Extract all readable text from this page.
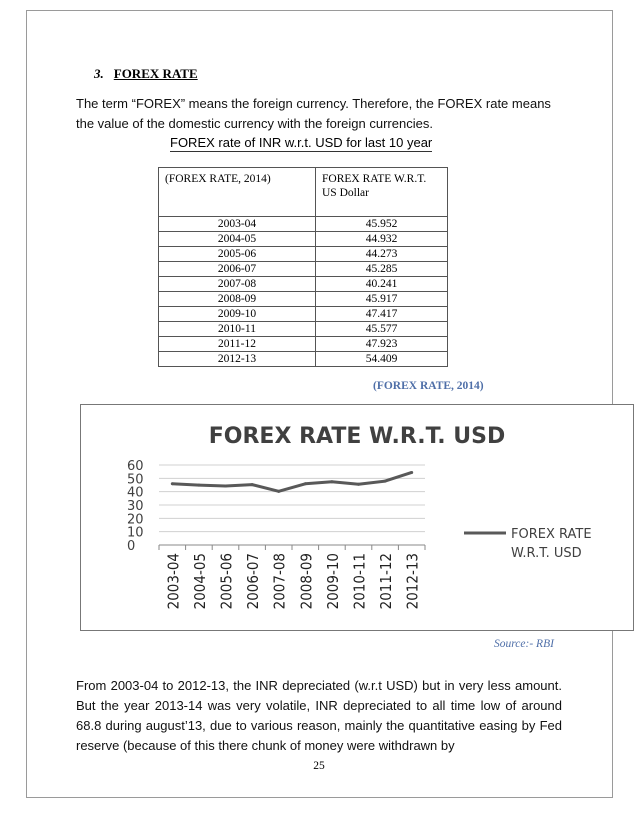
3. FOREX RATE
The term “FOREX” means the foreign currency. Therefore, the FOREX rate means the value of the domestic currency with the foreign currencies.
FOREX rate of INR w.r.t. USD for last 10 year
(FOREX RATE, 2014)	FOREX RATE W.R.T. US Dollar
2003-04	45.952
2004-05	44.932
2005-06	44.273
2006-07	45.285
2007-08	40.241
2008-09	45.917
2009-10	47.417
2010-11	45.577
2011-12	47.923
2012-13	54.409
(FOREX RATE, 2014)
FOREX RATE W.R.T. USD
0
10
20
30
40
50
60
2003-04 2004-05 2005-06 2006-07 2007-08 2008-09 2009-10 2010-11 2011-12 2012-13
FOREX RATE
W.R.T. USD
Source:- RBI
From 2003-04 to 2012-13, the INR depreciated (w.r.t USD) but in very less amount. But the year 2013-14 was very volatile, INR depreciated to all time low of around 68.8 during august’13, due to various reason, mainly the quantitative easing by Fed reserve (because of this there chunk of money were withdrawn by
25
